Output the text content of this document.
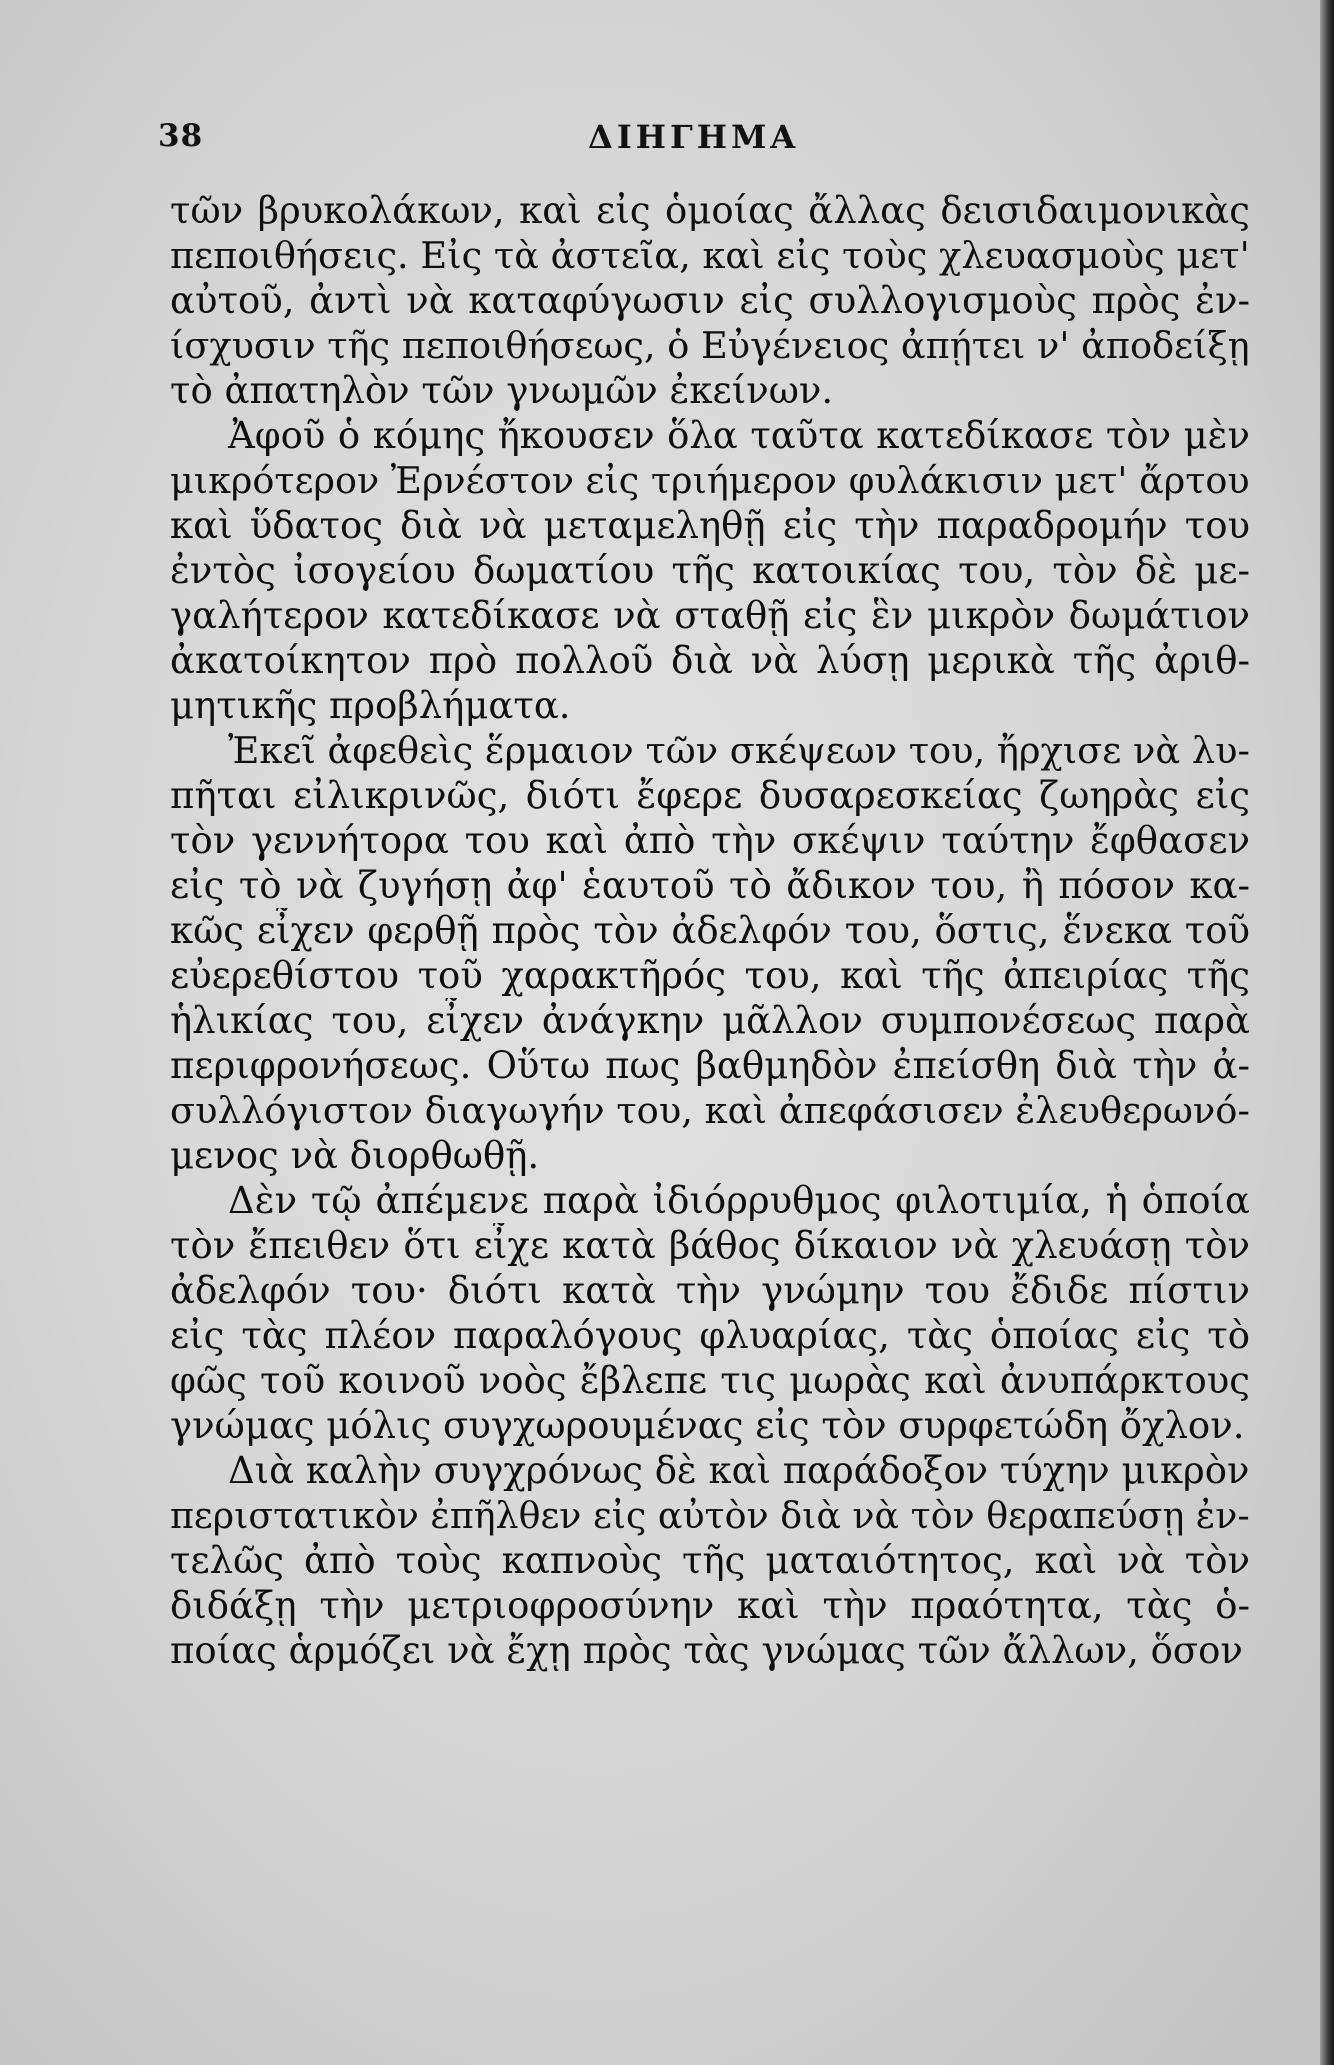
38	ΔΙΗΓΗΜΑ
τῶν βρυκολάκων, καὶ εἰς ὁμοίας ἄλλας δεισιδαιμονικὰς
πεποιθήσεις. Εἰς τὰ ἀστεῖα, καὶ εἰς τοὺς χλευασμοὺς μετ'
αὐτοῦ, ἀντὶ νὰ καταφύγωσιν εἰς συλλογισμοὺς πρὸς ἐν-
ίσχυσιν τῆς πεποιθήσεως, ὁ Εὐγένειος ἀπῄτει ν' ἀποδείξῃ
τὸ ἀπατηλὸν τῶν γνωμῶν ἐκείνων.
Ἀφοῦ ὁ κόμης ἤκουσεν ὅλα ταῦτα κατεδίκασε τὸν μὲν
μικρότερον Ἐρνέστον εἰς τριήμερον φυλάκισιν μετ' ἄρτου
καὶ ὕδατος διὰ νὰ μεταμεληθῇ εἰς τὴν παραδρομήν του
ἐντὸς ἰσογείου δωματίου τῆς κατοικίας του, τὸν δὲ με-
γαλήτερον κατεδίκασε νὰ σταθῇ εἰς ἓν μικρὸν δωμάτιον
ἀκατοίκητον πρὸ πολλοῦ διὰ νὰ λύσῃ μερικὰ τῆς ἀριθ-
μητικῆς προβλήματα.
Ἐκεῖ ἀφεθεὶς ἕρμαιον τῶν σκέψεων του, ἤρχισε νὰ λυ-
πῆται εἰλικρινῶς, διότι ἔφερε δυσαρεσκείας ζωηρὰς εἰς
τὸν γεννήτορα του καὶ ἀπὸ τὴν σκέψιν ταύτην ἔφθασεν
εἰς τὸ νὰ ζυγήσῃ ἀφ' ἑαυτοῦ τὸ ἄδικον του, ἢ πόσον κα-
κῶς εἶχεν φερθῇ πρὸς τὸν ἀδελφόν του, ὅστις, ἕνεκα τοῦ
εὐερεθίστου τοῦ χαρακτῆρός του, καὶ τῆς ἀπειρίας τῆς
ἡλικίας του, εἶχεν ἀνάγκην μᾶλλον συμπονέσεως παρὰ
περιφρονήσεως. Οὕτω πως βαθμηδὸν ἐπείσθη διὰ τὴν ἀ-
συλλόγιστον διαγωγήν του, καὶ ἀπεφάσισεν ἐλευθερωνό-
μενος νὰ διορθωθῇ.
Δὲν τῷ ἀπέμενε παρὰ ἰδιόρρυθμος φιλοτιμία, ἡ ὁποία
τὸν ἔπειθεν ὅτι εἶχε κατὰ βάθος δίκαιον νὰ χλευάσῃ τὸν
ἀδελφόν του· διότι κατὰ τὴν γνώμην του ἔδιδε πίστιν
εἰς τὰς πλέον παραλόγους φλυαρίας, τὰς ὁποίας εἰς τὸ
φῶς τοῦ κοινοῦ νοὸς ἔβλεπε τις μωρὰς καὶ ἀνυπάρκτους
γνώμας μόλις συγχωρουμένας εἰς τὸν συρφετώδη ὄχλον.
Διὰ καλὴν συγχρόνως δὲ καὶ παράδοξον τύχην μικρὸν
περιστατικὸν ἐπῆλθεν εἰς αὐτὸν διὰ νὰ τὸν θεραπεύσῃ ἐν-
τελῶς ἀπὸ τοὺς καπνοὺς τῆς ματαιότητος, καὶ νὰ τὸν
διδάξῃ τὴν μετριοφροσύνην καὶ τὴν πραότητα, τὰς ὁ-
ποίας ἁρμόζει νὰ ἔχῃ πρὸς τὰς γνώμας τῶν ἄλλων, ὅσον
